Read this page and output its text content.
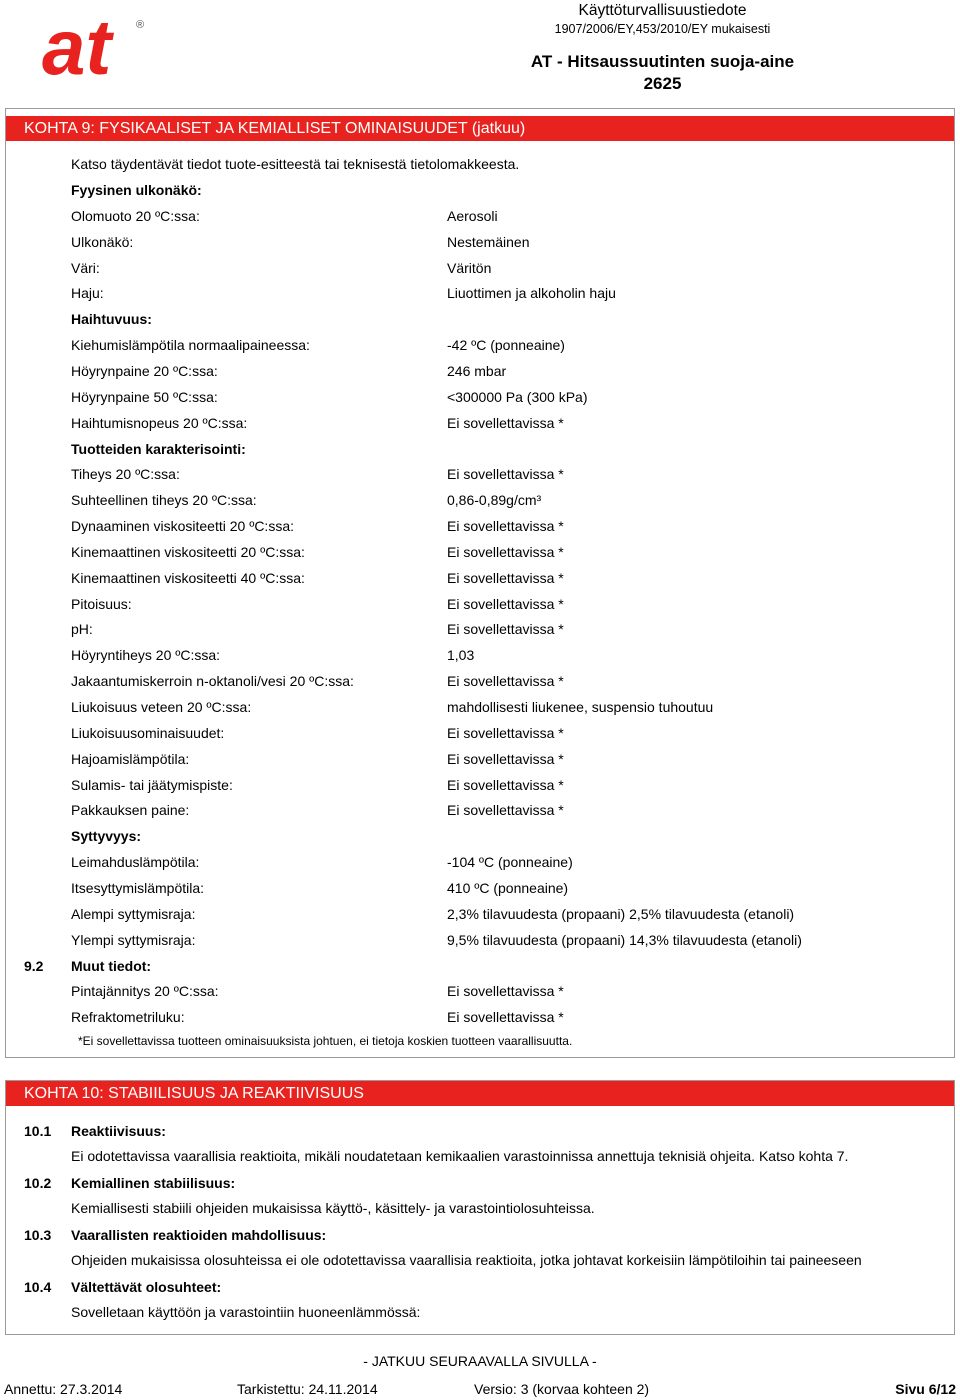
at ®
Käyttöturvallisuustiedote
1907/2006/EY,453/2010/EY mukaisesti
AT - Hitsaussuutinten suoja-aine
2625
KOHTA 9: FYSIKAALISET JA KEMIALLISET OMINAISUUDET (jatkuu)
Katso täydentävät tiedot tuote-esitteestä tai teknisestä tietolomakkeesta.
Fyysinen ulkonäkö:
Olomuoto 20 ºC:ssa:	Aerosoli
Ulkonäkö:	Nestemäinen
Väri:	Väritön
Haju:	Liuottimen ja alkoholin haju
Haihtuvuus:
Kiehumislämpötila normaalipaineessa:	-42 ºC (ponneaine)
Höyrynpaine 20 ºC:ssa:	246 mbar
Höyrynpaine 50 ºC:ssa:	<300000 Pa (300 kPa)
Haihtumisnopeus 20 ºC:ssa:	Ei sovellettavissa *
Tuotteiden karakterisointi:
Tiheys 20 ºC:ssa:	Ei sovellettavissa *
Suhteellinen tiheys 20 ºC:ssa:	0,86-0,89g/cm³
Dynaaminen viskositeetti 20 ºC:ssa:	Ei sovellettavissa *
Kinemaattinen viskositeetti 20 ºC:ssa:	Ei sovellettavissa *
Kinemaattinen viskositeetti 40 ºC:ssa:	Ei sovellettavissa *
Pitoisuus:	Ei sovellettavissa *
pH:	Ei sovellettavissa *
Höyryntiheys 20 ºC:ssa:	1,03
Jakaantumiskerroin n-oktanoli/vesi 20 ºC:ssa:	Ei sovellettavissa *
Liukoisuus veteen 20 ºC:ssa:	mahdollisesti liukenee, suspensio tuhoutuu
Liukoisuusominaisuudet:	Ei sovellettavissa *
Hajoamislämpötila:	Ei sovellettavissa *
Sulamis- tai jäätymispiste:	Ei sovellettavissa *
Pakkauksen paine:	Ei sovellettavissa *
Syttyvyys:
Leimahduslämpötila:	-104 ºC (ponneaine)
Itsesyttymislämpötila:	410 ºC (ponneaine)
Alempi syttymisraja:	2,3% tilavuudesta (propaani) 2,5% tilavuudesta (etanoli)
Ylempi syttymisraja:	9,5% tilavuudesta (propaani) 14,3% tilavuudesta (etanoli)
9.2 Muut tiedot:
Pintajännitys 20 ºC:ssa:	Ei sovellettavissa *
Refraktometriluku:	Ei sovellettavissa *
*Ei sovellettavissa tuotteen ominaisuuksista johtuen, ei tietoja koskien tuotteen vaarallisuutta.
KOHTA 10: STABIILISUUS JA REAKTIIVISUUS
10.1 Reaktiivisuus:
Ei odotettavissa vaarallisia reaktioita, mikäli noudatetaan kemikaalien varastoinnissa annettuja teknisiä ohjeita. Katso kohta 7.
10.2 Kemiallinen stabiilisuus:
Kemiallisesti stabiili ohjeiden mukaisissa käyttö-, käsittely- ja varastointiolosuhteissa.
10.3 Vaarallisten reaktioiden mahdollisuus:
Ohjeiden mukaisissa olosuhteissa ei ole odotettavissa vaarallisia reaktioita, jotka johtavat korkeisiin lämpötiloihin tai paineeseen
10.4 Vältettävät olosuhteet:
Sovelletaan käyttöön ja varastointiin huoneenlämmössä:
- JATKUU SEURAAVALLA SIVULLA -
Annettu: 27.3.2014	Tarkistettu: 24.11.2014	Versio: 3 (korvaa kohteen 2)	Sivu 6/12
